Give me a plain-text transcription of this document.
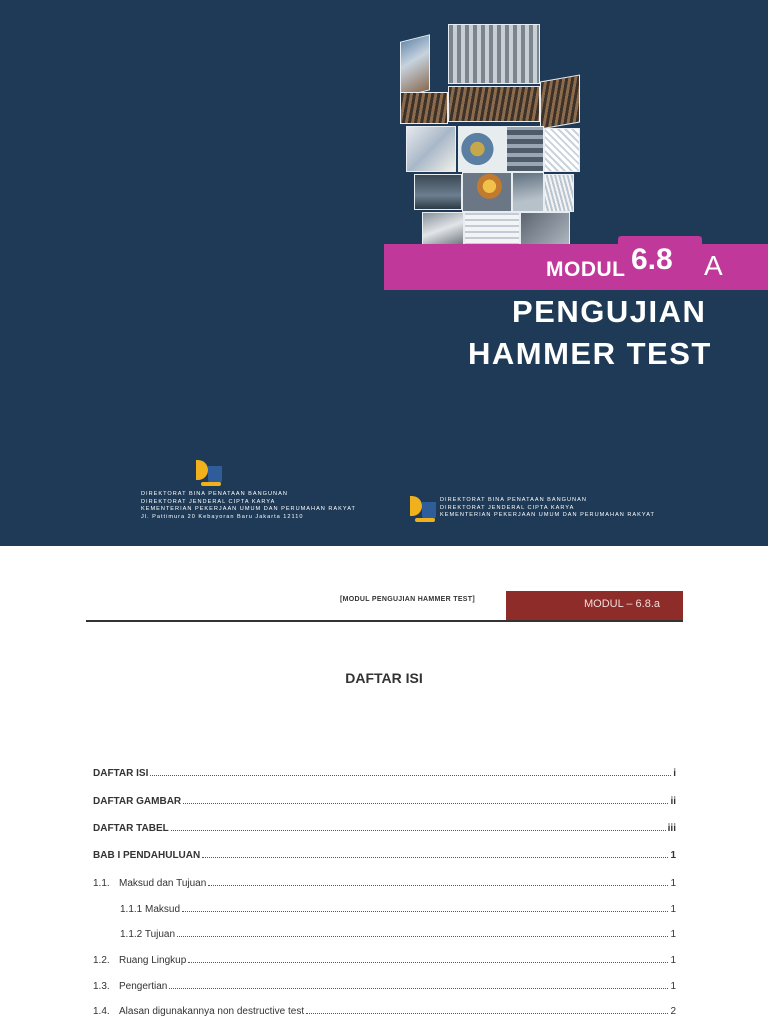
MODUL 6.8 A
PENGUJIAN
HAMMER TEST
DIREKTORAT BINA PENATAAN BANGUNAN
DIREKTORAT JENDERAL CIPTA KARYA
KEMENTERIAN PEKERJAAN UMUM DAN PERUMAHAN RAKYAT
Jl. Pattimura 20 Kebayoran Baru Jakarta 12110
DIREKTORAT BINA PENATAAN BANGUNAN
DIREKTORAT JENDERAL CIPTA KARYA
KEMENTERIAN PEKERJAAN UMUM DAN PERUMAHAN RAKYAT
[MODUL PENGUJIAN HAMMER TEST]	MODUL – 6.8.a
DAFTAR ISI
DAFTAR ISI	i
DAFTAR GAMBAR	ii
DAFTAR TABEL	iii
BAB I PENDAHULUAN	1
1.1. Maksud dan Tujuan	1
1.1.1 Maksud	1
1.1.2 Tujuan	1
1.2. Ruang Lingkup	1
1.3. Pengertian	1
1.4. Alasan digunakannya non destructive test	2
